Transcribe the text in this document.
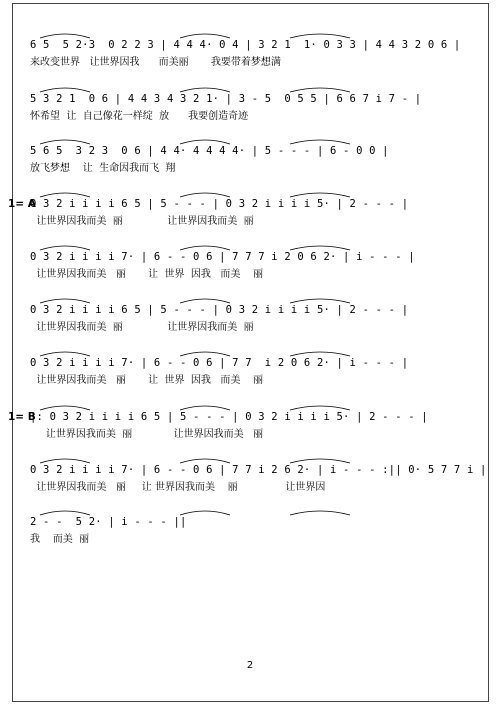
6 5  5 2·3  0 2 2 3 | 4 4 4· 0 4 | 3 2 1  1· 0 3 3 | 4 4 3 2 0 6 |
来改变世界   让世界因我      而美丽       我要带着梦想满
5 3 2 1  0 6 | 4 4 3 4 3 2 1· | 3 - 5  0 5 5 | 6 6 7 i 7 - |
怀希望  让  自己像花一样绽  放      我要创造奇迹
5 6 5  3 2 3  0 6 | 4 4· 4 4 4 4· | 5 - - - | 6 - 0 0 |
放飞梦想    让  生命因我而飞  翔
1= A
0 3 2 i i i i 6 5 | 5 - - - | 0 3 2 i i i i 5· | 2 - - - |
让世界因我而美  丽              让世界因我而美  丽
0 3 2 i i i i 7· | 6 - - 0 6 | 7 7 7 i 2 0 6 2· | i - - - |
让世界因我而美   丽       让  世界  因我   而美    丽
0 3 2 i i i i 6 5 | 5 - - - | 0 3 2 i i i i 5· | 2 - - - |
让世界因我而美  丽              让世界因我而美  丽
0 3 2 i i i i 7· | 6 - - 0 6 | 7 7  i 2 0 6 2· | i - - - |
让世界因我而美   丽       让  世界  因我   而美    丽
1= B
|: 0 3 2 i i i i 6 5 | 5 - - - | 0 3 2 i i i i 5· | 2 - - - |
让世界因我而美  丽             让世界因我而美   丽
0 3 2 i i i i 7· | 6 - - 0 6 | 7 7 i 2 6 2· | i - - - :|| 0· 5 7 7 i |
让世界因我而美   丽     让 世界因我而美    丽               让世界因
2 - -  5 2· | i - - - ||
我    而美  丽
2
